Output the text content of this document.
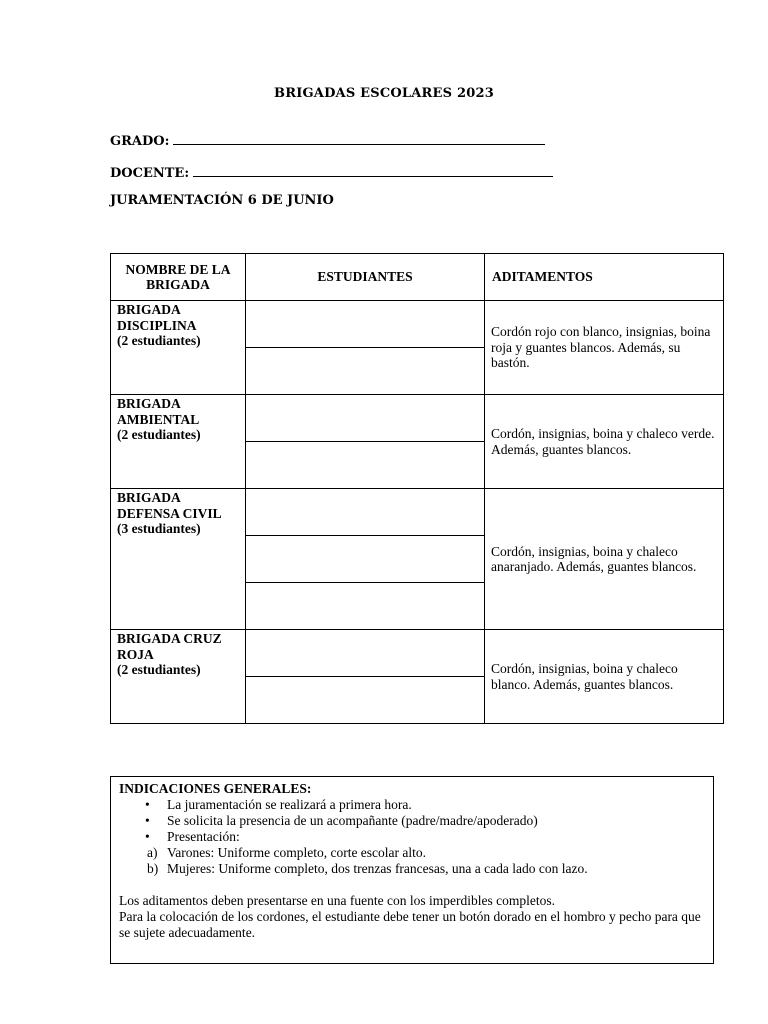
BRIGADAS ESCOLARES 2023
GRADO:
DOCENTE:
JURAMENTACIÓN 6 DE JUNIO
NOMBRE DE LA BRIGADA	ESTUDIANTES	ADITAMENTOS

BRIGADA DISCIPLINA
(2 estudiantes)		Cordón rojo con blanco, insignias, boina roja y guantes blancos. Además, su bastón.

BRIGADA AMBIENTAL
(2 estudiantes)		Cordón, insignias, boina y chaleco verde. Además, guantes blancos.

BRIGADA DEFENSA CIVIL
(3 estudiantes)		Cordón, insignias, boina y chaleco anaranjado. Además, guantes blancos.

BRIGADA CRUZ ROJA
(2 estudiantes)		Cordón, insignias, boina y chaleco blanco. Además, guantes blancos.

INDICACIONES GENERALES:
• La juramentación se realizará a primera hora.
• Se solicita la presencia de un acompañante (padre/madre/apoderado)
• Presentación:
a) Varones: Uniforme completo, corte escolar alto.
b) Mujeres: Uniforme completo, dos trenzas francesas, una a cada lado con lazo.

Los aditamentos deben presentarse en una fuente con los imperdibles completos.

Para la colocación de los cordones, el estudiante debe tener un botón dorado en el hombro y pecho para que se sujete adecuadamente.
